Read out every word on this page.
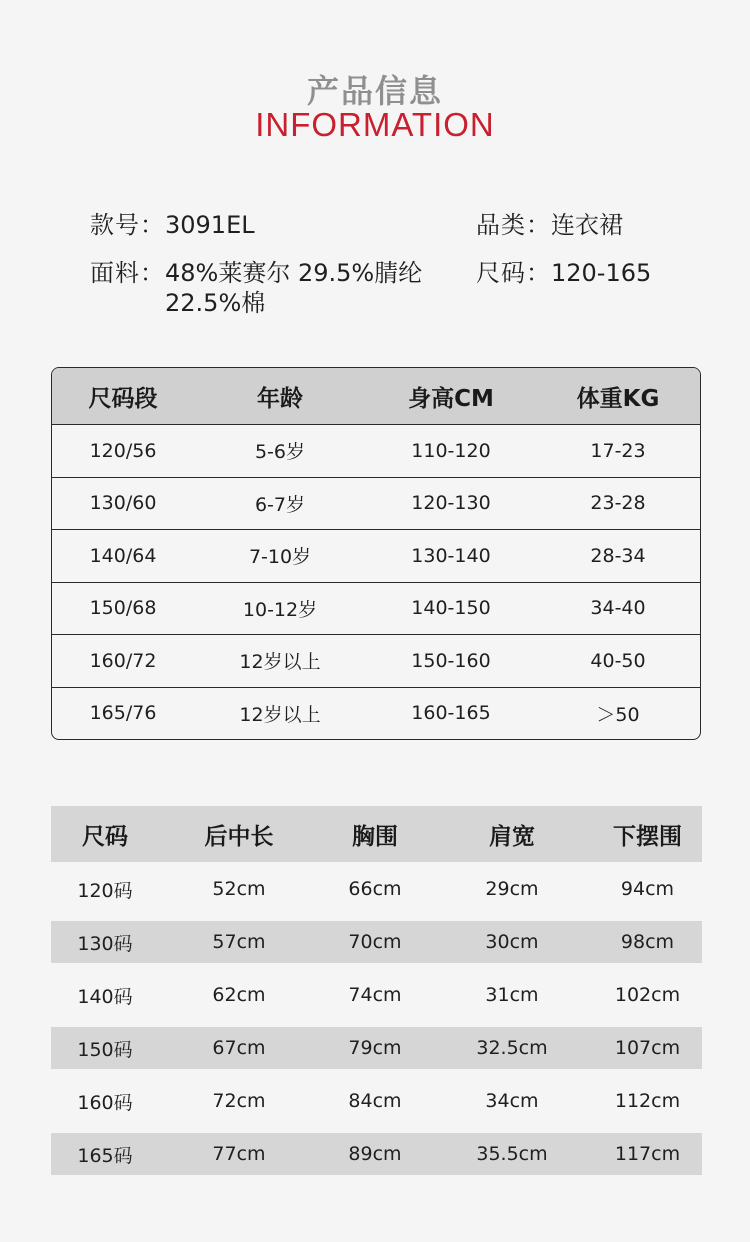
产品信息
INFORMATION
款号：3091EL	品类：连衣裙
面料：48%莱赛尔 29.5%腈纶 22.5%棉
尺码：120-165
尺码段	年龄	身高CM	体重KG
120/56	5-6岁	110-120	17-23
130/60	6-7岁	120-130	23-28
140/64	7-10岁	130-140	28-34
150/68	10-12岁	140-150	34-40
160/72	12岁以上	150-160	40-50
165/76	12岁以上	160-165	＞50
尺码	后中长	胸围	肩宽	下摆围
120码	52cm	66cm	29cm	94cm
130码	57cm	70cm	30cm	98cm
140码	62cm	74cm	31cm	102cm
150码	67cm	79cm	32.5cm	107cm
160码	72cm	84cm	34cm	112cm
165码	77cm	89cm	35.5cm	117cm
